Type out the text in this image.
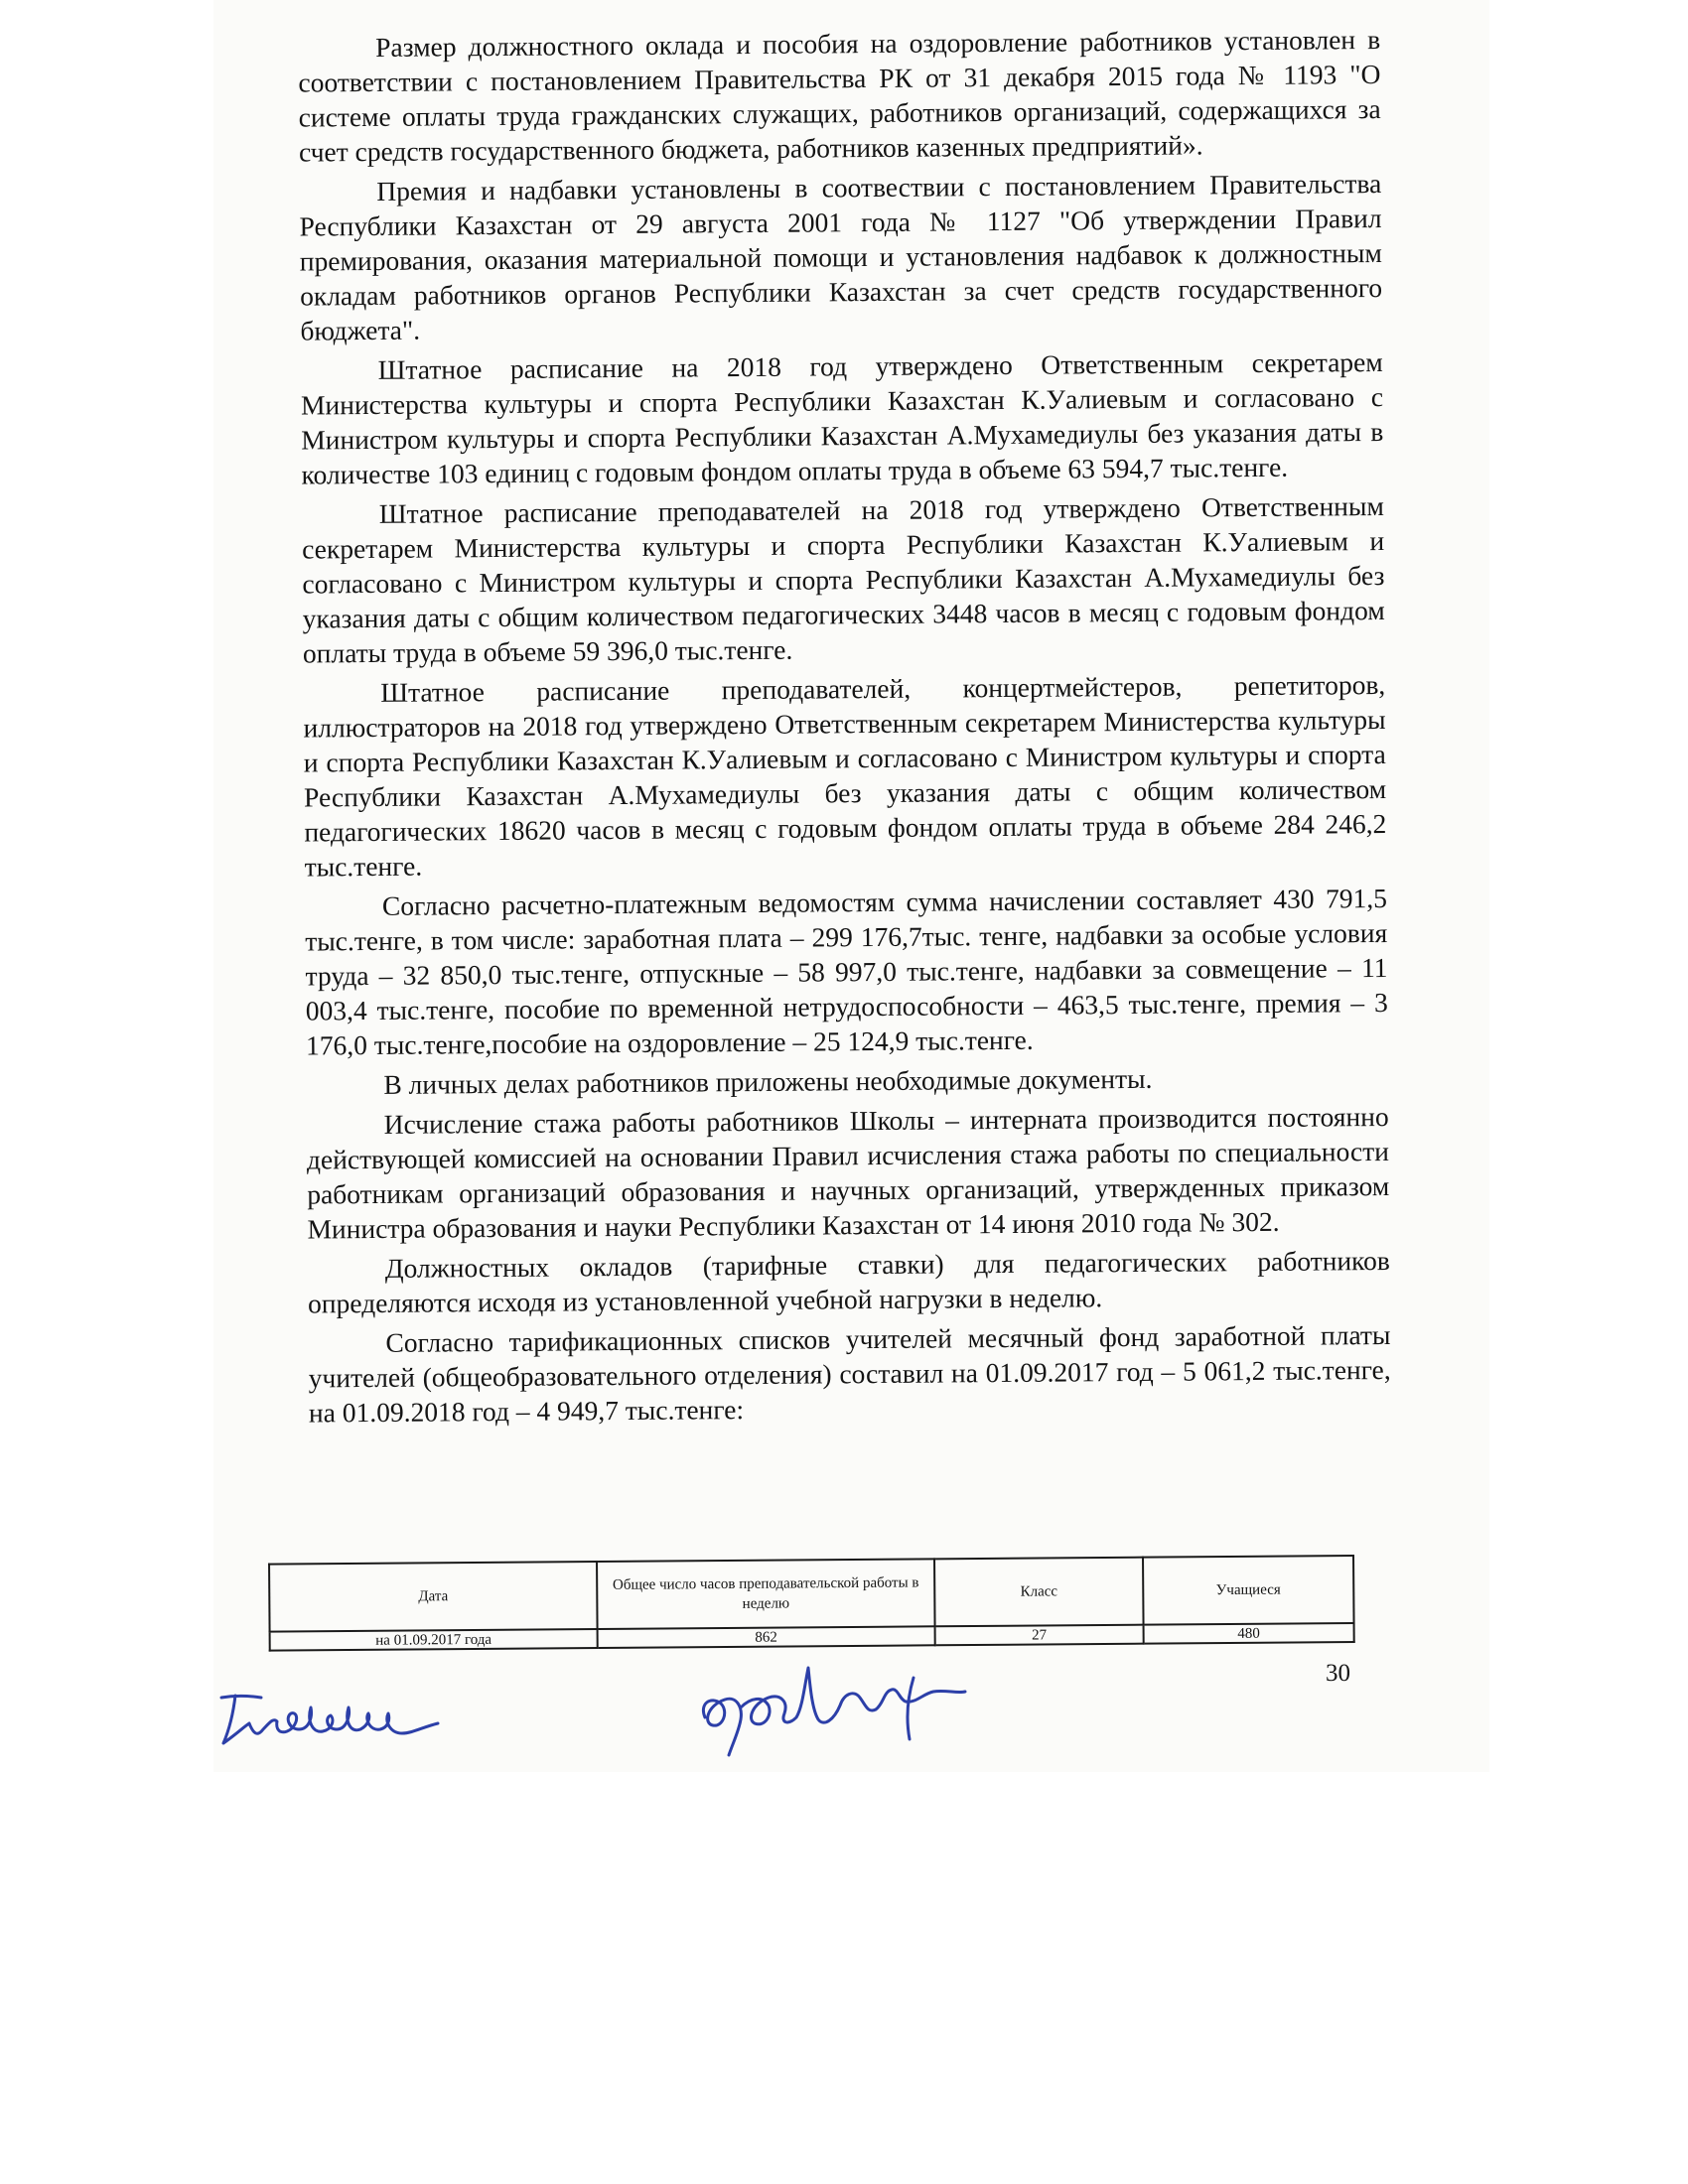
Размер должностного оклада и пособия на оздоровление работников установлен в соответствии с постановлением Правительства РК от 31 декабря 2015 года № 1193 "О системе оплаты труда гражданских служащих, работников организаций, содержащихся за счет средств государственного бюджета, работников казенных предприятий».

Премия и надбавки установлены в соотвествии с постановлением Правительства Республики Казахстан от 29 августа 2001 года № 1127 "Об утверждении Правил премирования, оказания материальной помощи и установления надбавок к должностным окладам работников органов Республики Казахстан за счет средств государственного бюджета".

Штатное расписание на 2018 год утверждено Ответственным секретарем Министерства культуры и спорта Республики Казахстан К.Уалиевым и согласовано с Министром культуры и спорта Республики Казахстан А.Мухамедиулы без указания даты в количестве 103 единиц с годовым фондом оплаты труда в объеме 63 594,7 тыс.тенге.

Штатное расписание преподавателей на 2018 год утверждено Ответственным секретарем Министерства культуры и спорта Республики Казахстан К.Уалиевым и согласовано с Министром культуры и спорта Республики Казахстан А.Мухамедиулы без указания даты с общим количеством педагогических 3448 часов в месяц с годовым фондом оплаты труда в объеме 59 396,0 тыс.тенге.

Штатное расписание преподавателей, концертмейстеров, репетиторов, иллюстраторов на 2018 год утверждено Ответственным секретарем Министерства культуры и спорта Республики Казахстан К.Уалиевым и согласовано с Министром культуры и спорта Республики Казахстан А.Мухамедиулы без указания даты с общим количеством педагогических 18620 часов в месяц с годовым фондом оплаты труда в объеме 284 246,2 тыс.тенге.

Согласно расчетно-платежным ведомостям сумма начислении составляет 430 791,5 тыс.тенге, в том числе: заработная плата – 299 176,7тыс. тенге, надбавки за особые условия труда – 32 850,0 тыс.тенге, отпускные – 58 997,0 тыс.тенге, надбавки за совмещение – 11 003,4 тыс.тенге, пособие по временной нетрудоспособности – 463,5 тыс.тенге, премия – 3 176,0 тыс.тенге,пособие на оздоровление – 25 124,9 тыс.тенге.

В личных делах работников приложены необходимые документы.

Исчисление стажа работы работников Школы – интерната производится постоянно действующей комиссией на основании Правил исчисления стажа работы по специальности работникам организаций образования и научных организаций, утвержденных приказом Министра образования и науки Республики Казахстан от 14 июня 2010 года № 302.

Должностных окладов (тарифные ставки) для педагогических работников определяются исходя из установленной учебной нагрузки в неделю.

Согласно тарификационных списков учителей месячный фонд заработной платы учителей (общеобразовательного отделения) составил на 01.09.2017 год – 5 061,2 тыс.тенге, на 01.09.2018 год – 4 949,7 тыс.тенге:

Дата	Общее число часов преподавательской работы в неделю	Класс	Учащиеся
на 01.09.2017 года	862	27	480
30
